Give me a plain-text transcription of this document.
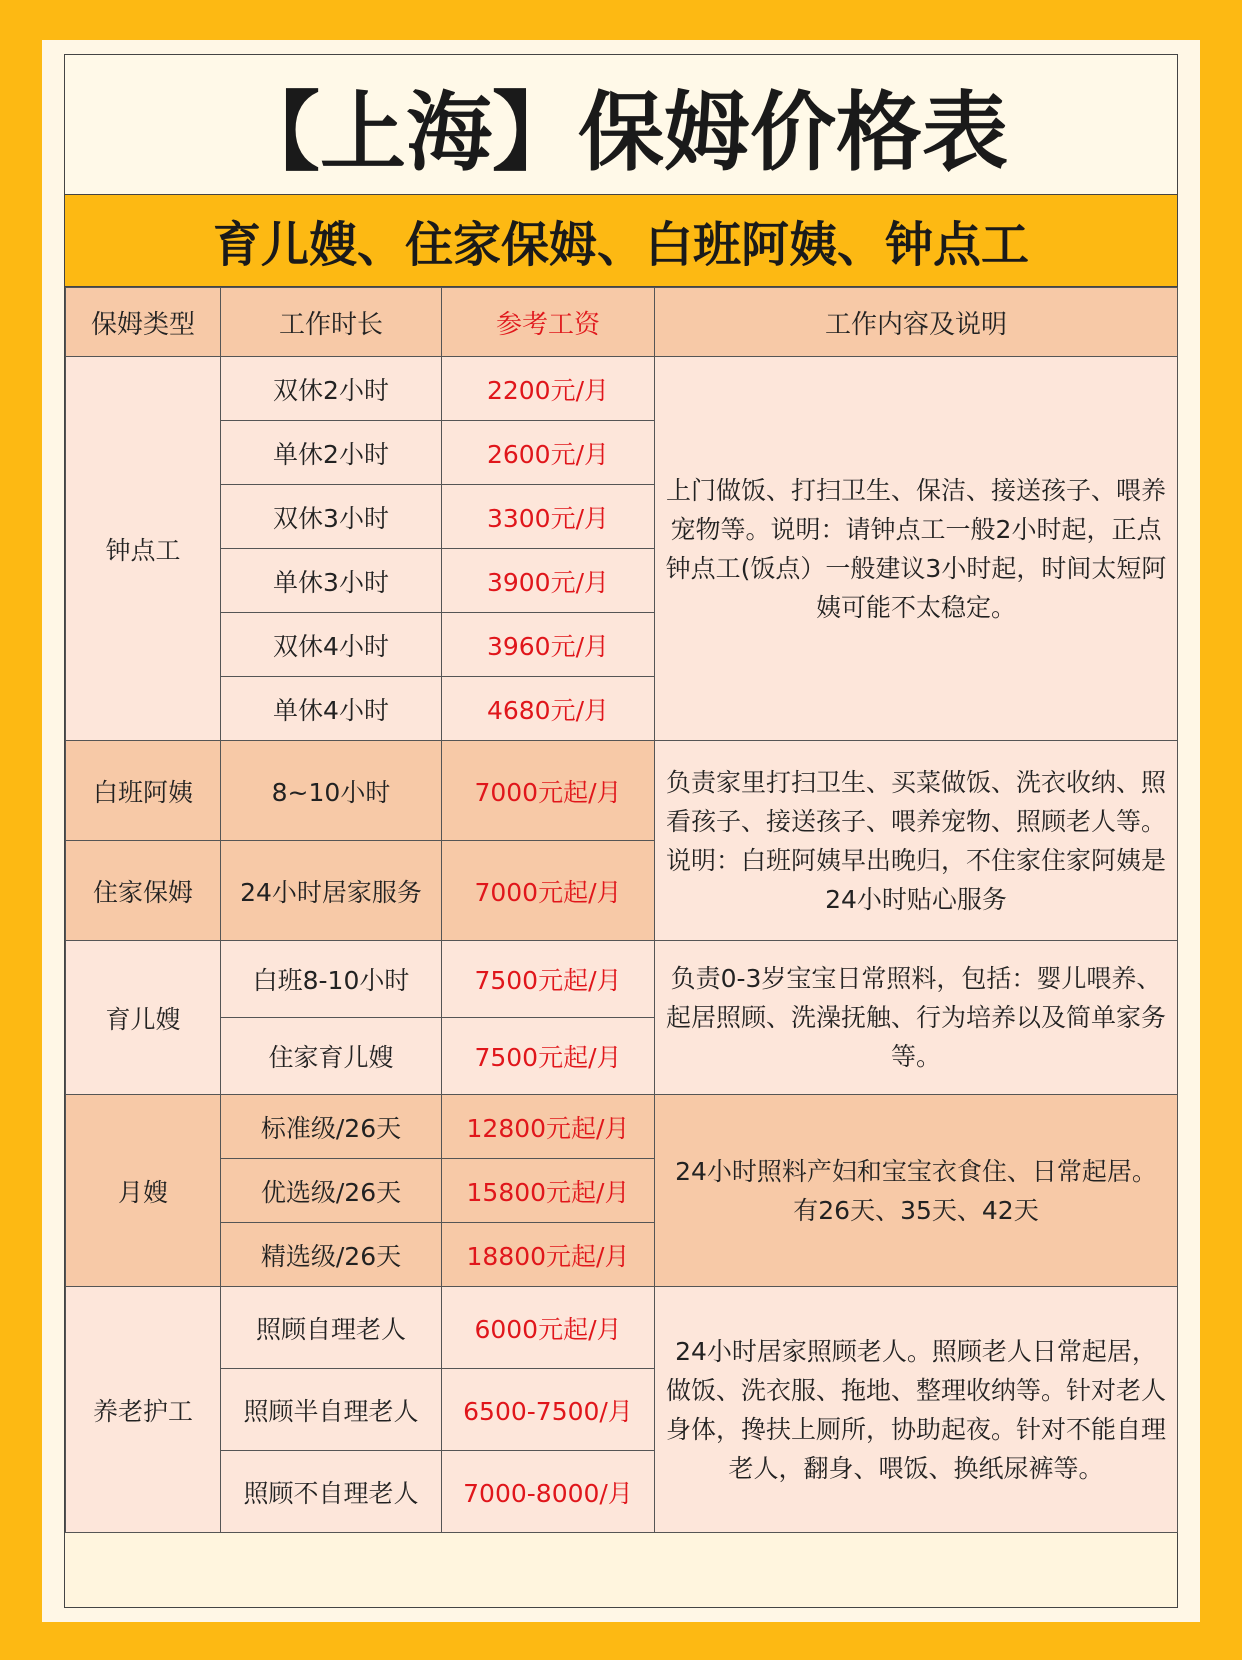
【上海】保姆价格表
育儿嫂、住家保姆、白班阿姨、钟点工
保姆类型	工作时长	参考工资	工作内容及说明
钟点工	双休2小时	2200元/月	上门做饭、打扫卫生、保洁、接送孩子、喂养宠物等。说明：请钟点工一般2小时起，正点钟点工(饭点）一般建议3小时起，时间太短阿姨可能不太稳定。
	单休2小时	2600元/月	
	双休3小时	3300元/月	
	单休3小时	3900元/月	
	双休4小时	3960元/月	
	单休4小时	4680元/月	
白班阿姨	8~10小时	7000元起/月	负责家里打扫卫生、买菜做饭、洗衣收纳、照看孩子、接送孩子、喂养宠物、照顾老人等。说明：白班阿姨早出晚归，不住家住家阿姨是24小时贴心服务
住家保姆	24小时居家服务	7000元起/月	
育儿嫂	白班8-10小时	7500元起/月	负责0-3岁宝宝日常照料，包括：婴儿喂养、起居照顾、洗澡抚触、行为培养以及简单家务等。
	住家育儿嫂	7500元起/月	
月嫂	标准级/26天	12800元起/月	24小时照料产妇和宝宝衣食住、日常起居。有26天、35天、42天
	优选级/26天	15800元起/月	
	精选级/26天	18800元起/月	
养老护工	照顾自理老人	6000元起/月	24小时居家照顾老人。照顾老人日常起居，做饭、洗衣服、拖地、整理收纳等。针对老人身体，搀扶上厕所，协助起夜。针对不能自理老人，翻身、喂饭、换纸尿裤等。
	照顾半自理老人	6500-7500/月	
	照顾不自理老人	7000-8000/月	
